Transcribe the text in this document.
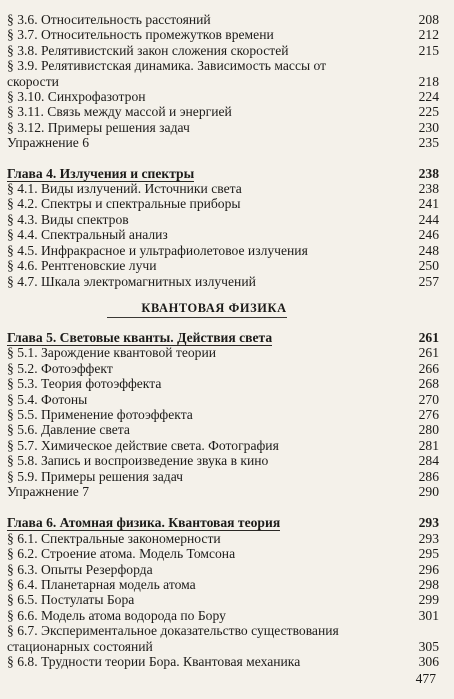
§ 3.6. Относительность расстояний	208
§ 3.7. Относительность промежутков времени	212
§ 3.8. Релятивистский закон сложения скоростей	215
§ 3.9. Релятивистская динамика. Зависимость массы от скорости	218
§ 3.10. Синхрофазотрон	224
§ 3.11. Связь между массой и энергией	225
§ 3.12. Примеры решения задач	230
Упражнение 6	235
Глава 4. Излучения и спектры	238
§ 4.1. Виды излучений. Источники света	238
§ 4.2. Спектры и спектральные приборы	241
§ 4.3. Виды спектров	244
§ 4.4. Спектральный анализ	246
§ 4.5. Инфракрасное и ультрафиолетовое излучения	248
§ 4.6. Рентгеновские лучи	250
§ 4.7. Шкала электромагнитных излучений	257
КВАНТОВАЯ ФИЗИКА
Глава 5. Световые кванты. Действия света	261
§ 5.1. Зарождение квантовой теории	261
§ 5.2. Фотоэффект	266
§ 5.3. Теория фотоэффекта	268
§ 5.4. Фотоны	270
§ 5.5. Применение фотоэффекта	276
§ 5.6. Давление света	280
§ 5.7. Химическое действие света. Фотография	281
§ 5.8. Запись и воспроизведение звука в кино	284
§ 5.9. Примеры решения задач	286
Упражнение 7	290
Глава 6. Атомная физика. Квантовая теория	293
§ 6.1. Спектральные закономерности	293
§ 6.2. Строение атома. Модель Томсона	295
§ 6.3. Опыты Резерфорда	296
§ 6.4. Планетарная модель атома	298
§ 6.5. Постулаты Бора	299
§ 6.6. Модель атома водорода по Бору	301
§ 6.7. Экспериментальное доказательство существования стационарных состояний	305
§ 6.8. Трудности теории Бора. Квантовая механика	306
477
